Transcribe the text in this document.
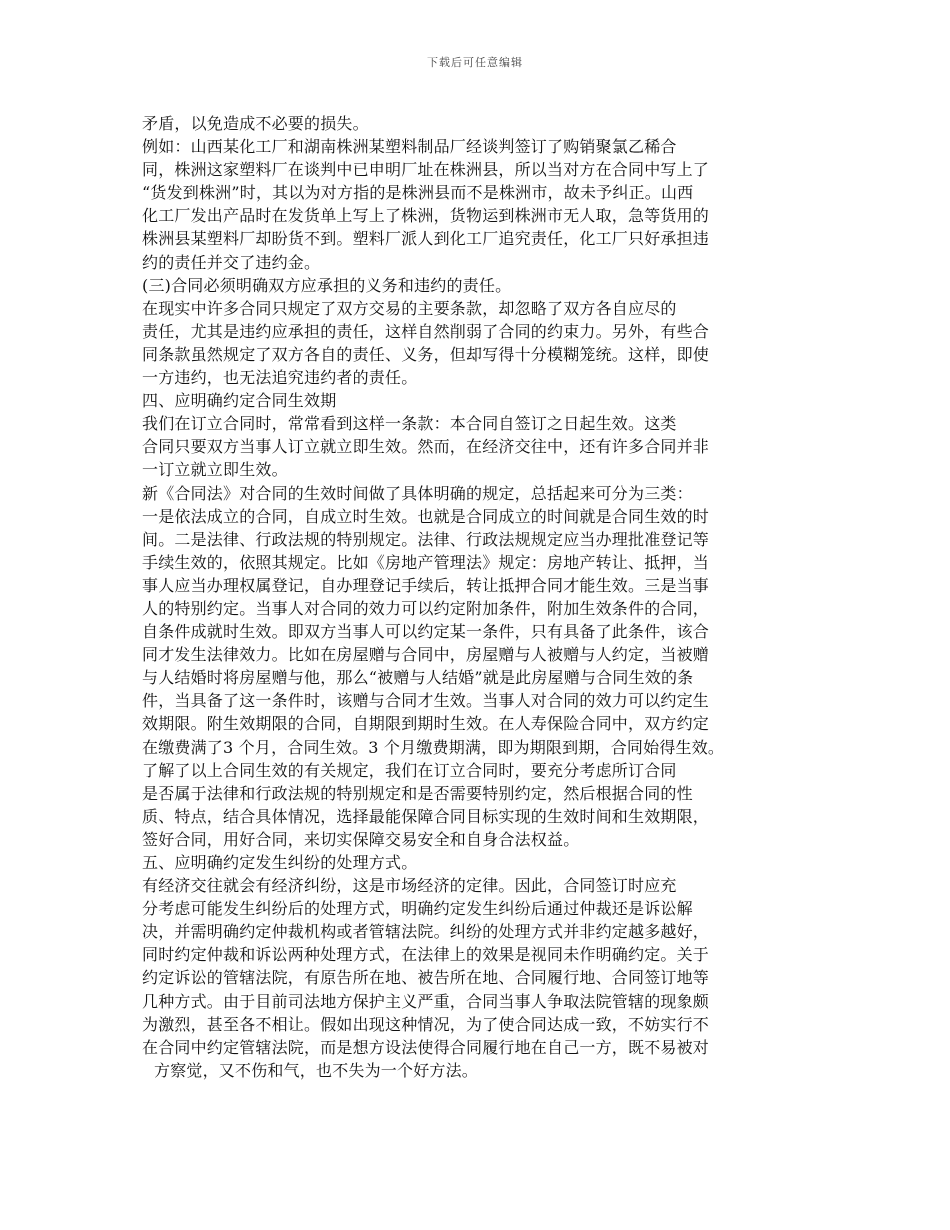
下载后可任意编辑
矛盾，以免造成不必要的损失。
例如：山西某化工厂和湖南株洲某塑料制品厂经谈判签订了购销聚氯乙稀合
同，株洲这家塑料厂在谈判中已申明厂址在株洲县，所以当对方在合同中写上了
“货发到株洲”时，其以为对方指的是株洲县而不是株洲市，故未予纠正。山西
化工厂发出产品时在发货单上写上了株洲，货物运到株洲市无人取，急等货用的
株洲县某塑料厂却盼货不到。塑料厂派人到化工厂追究责任，化工厂只好承担违
约的责任并交了违约金。
(三)合同必须明确双方应承担的义务和违约的责任。
在现实中许多合同只规定了双方交易的主要条款，却忽略了双方各自应尽的
责任，尤其是违约应承担的责任，这样自然削弱了合同的约束力。另外，有些合
同条款虽然规定了双方各自的责任、义务，但却写得十分模糊笼统。这样，即使
一方违约，也无法追究违约者的责任。
四、应明确约定合同生效期
我们在订立合同时，常常看到这样一条款：本合同自签订之日起生效。这类
合同只要双方当事人订立就立即生效。然而，在经济交往中，还有许多合同并非
一订立就立即生效。
新《合同法》对合同的生效时间做了具体明确的规定，总括起来可分为三类：
一是依法成立的合同，自成立时生效。也就是合同成立的时间就是合同生效的时
间。二是法律、行政法规的特别规定。法律、行政法规规定应当办理批准登记等
手续生效的，依照其规定。比如《房地产管理法》规定：房地产转让、抵押，当
事人应当办理权属登记，自办理登记手续后，转让抵押合同才能生效。三是当事
人的特别约定。当事人对合同的效力可以约定附加条件，附加生效条件的合同，
自条件成就时生效。即双方当事人可以约定某一条件，只有具备了此条件，该合
同才发生法律效力。比如在房屋赠与合同中，房屋赠与人被赠与人约定，当被赠
与人结婚时将房屋赠与他，那么“被赠与人结婚”就是此房屋赠与合同生效的条
件，当具备了这一条件时，该赠与合同才生效。当事人对合同的效力可以约定生
效期限。附生效期限的合同，自期限到期时生效。在人寿保险合同中，双方约定
在缴费满了3 个月，合同生效。3 个月缴费期满，即为期限到期，合同始得生效。
了解了以上合同生效的有关规定，我们在订立合同时，要充分考虑所订合同
是否属于法律和行政法规的特别规定和是否需要特别约定，然后根据合同的性
质、特点，结合具体情况，选择最能保障合同目标实现的生效时间和生效期限，
签好合同，用好合同，来切实保障交易安全和自身合法权益。
五、应明确约定发生纠纷的处理方式。
有经济交往就会有经济纠纷，这是市场经济的定律。因此，合同签订时应充
分考虑可能发生纠纷后的处理方式，明确约定发生纠纷后通过仲裁还是诉讼解
决，并需明确约定仲裁机构或者管辖法院。纠纷的处理方式并非约定越多越好，
同时约定仲裁和诉讼两种处理方式，在法律上的效果是视同未作明确约定。关于
约定诉讼的管辖法院，有原告所在地、被告所在地、合同履行地、合同签订地等
几种方式。由于目前司法地方保护主义严重，合同当事人争取法院管辖的现象颇
为激烈，甚至各不相让。假如出现这种情况，为了使合同达成一致，不妨实行不
在合同中约定管辖法院，而是想方设法使得合同履行地在自己一方，既不易被对
方察觉，又不伤和气，也不失为一个好方法。
